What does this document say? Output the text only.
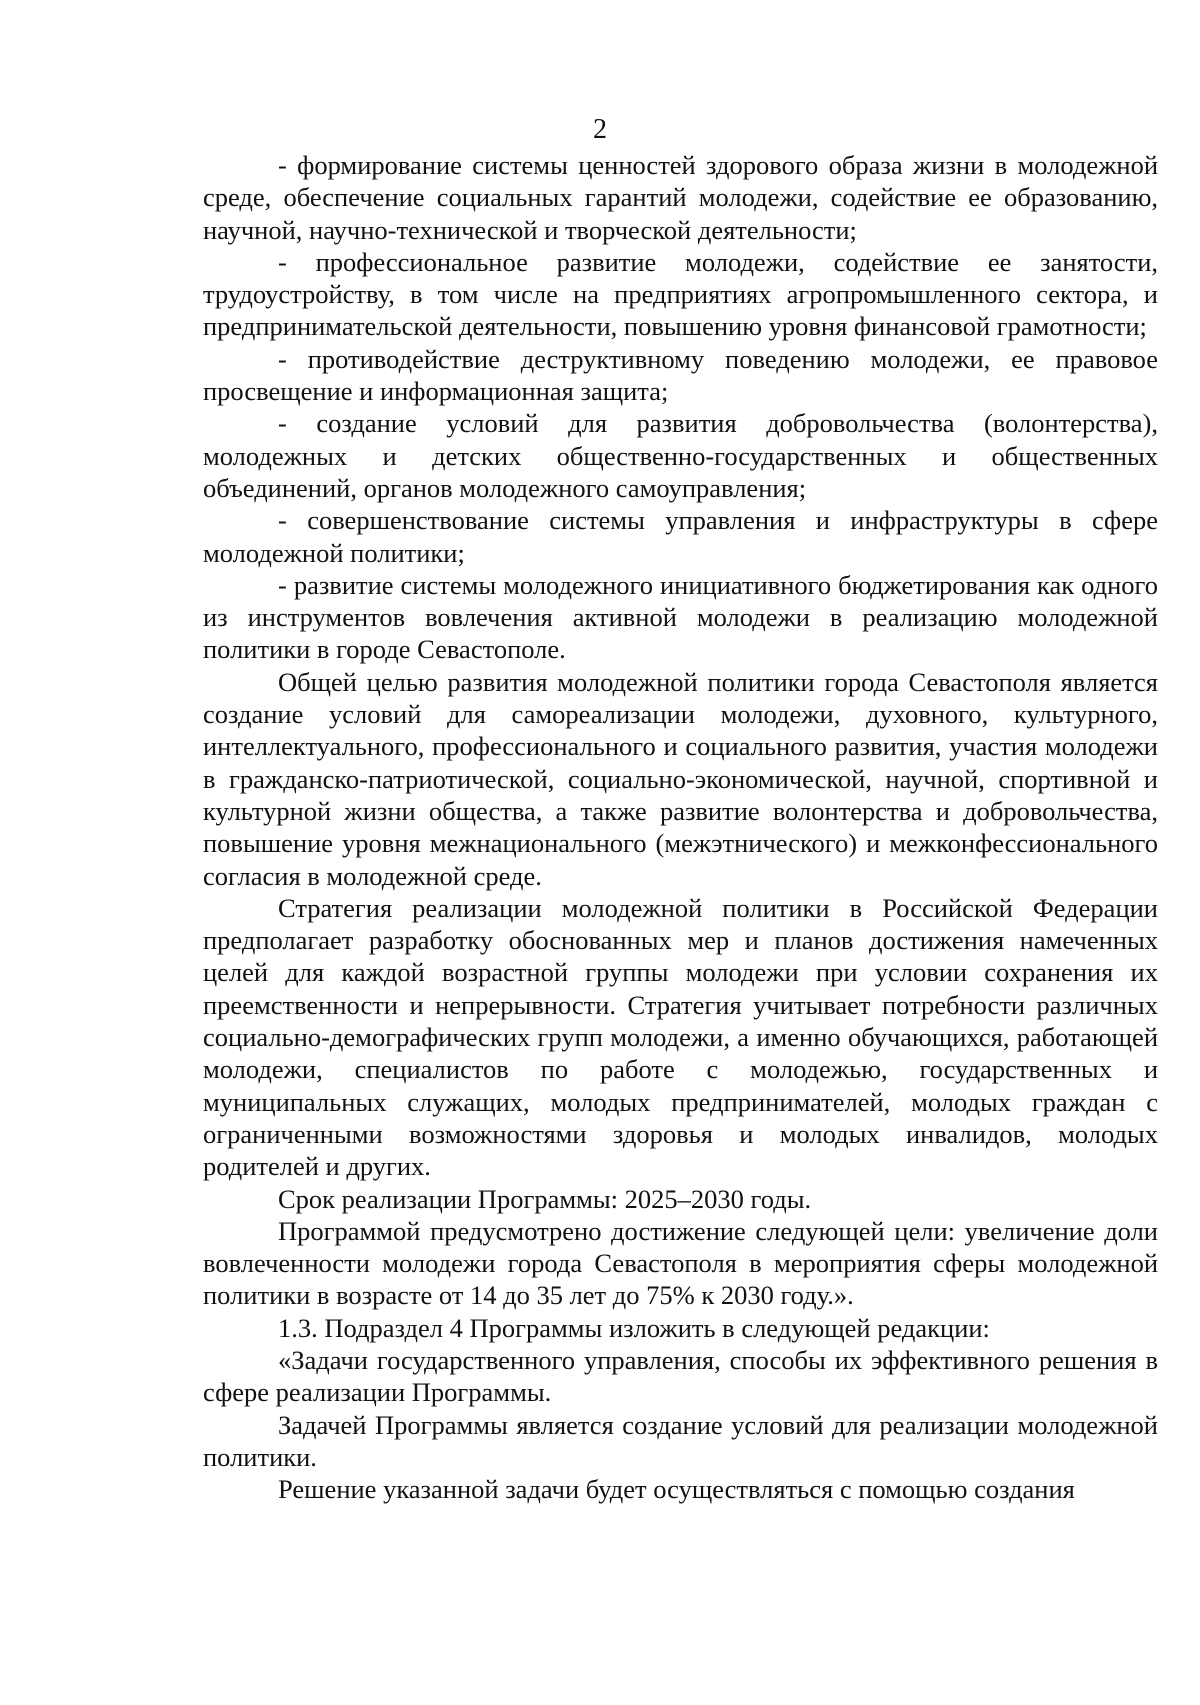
2

- формирование системы ценностей здорового образа жизни в молодежной среде, обеспечение социальных гарантий молодежи, содействие ее образованию, научной, научно-технической и творческой деятельности;

- профессиональное развитие молодежи, содействие ее занятости, трудоустройству, в том числе на предприятиях агропромышленного сектора, и предпринимательской деятельности, повышению уровня финансовой грамотности;

- противодействие деструктивному поведению молодежи, ее правовое просвещение и информационная защита;

- создание условий для развития добровольчества (волонтерства), молодежных и детских общественно-государственных и общественных объединений, органов молодежного самоуправления;

- совершенствование системы управления и инфраструктуры в сфере молодежной политики;

- развитие системы молодежного инициативного бюджетирования как одного из инструментов вовлечения активной молодежи в реализацию молодежной политики в городе Севастополе.

Общей целью развития молодежной политики города Севастополя является создание условий для самореализации молодежи, духовного, культурного, интеллектуального, профессионального и социального развития, участия молодежи в гражданско-патриотической, социально-экономической, научной, спортивной и культурной жизни общества, а также развитие волонтерства и добровольчества, повышение уровня межнационального (межэтнического) и межконфессионального согласия в молодежной среде.

Стратегия реализации молодежной политики в Российской Федерации предполагает разработку обоснованных мер и планов достижения намеченных целей для каждой возрастной группы молодежи при условии сохранения их преемственности и непрерывности. Стратегия учитывает потребности различных социально-демографических групп молодежи, а именно обучающихся, работающей молодежи, специалистов по работе с молодежью, государственных и муниципальных служащих, молодых предпринимателей, молодых граждан с ограниченными возможностями здоровья и молодых инвалидов, молодых родителей и других.

Срок реализации Программы: 2025–2030 годы.

Программой предусмотрено достижение следующей цели: увеличение доли вовлеченности молодежи города Севастополя в мероприятия сферы молодежной политики в возрасте от 14 до 35 лет до 75% к 2030 году.».

1.3. Подраздел 4 Программы изложить в следующей редакции:

«Задачи государственного управления, способы их эффективного решения в сфере реализации Программы.

Задачей Программы является создание условий для реализации молодежной политики.

Решение указанной задачи будет осуществляться с помощью создания
